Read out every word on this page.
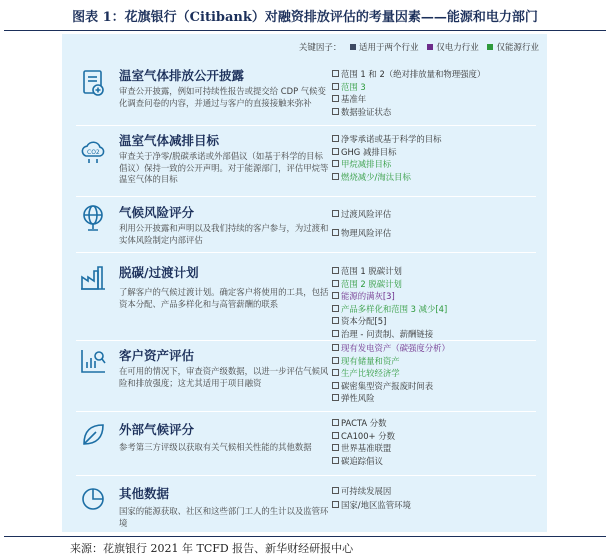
图表 1：花旗银行（Citibank）对融资排放评估的考量因素——能源和电力部门
关键因子： 适用于两个行业 仅电力行业 仅能源行业
温室气体排放公开披露
审查公开披露，例如可持续性报告或提交给 CDP 气候变化调查问卷的内容，并通过与客户的直接接触来弥补
范围 1 和 2（绝对排放量和物理强度）
范围 3
基准年
数据验证状态
CO2
温室气体减排目标
审查关于净零/脱碳承诺或外部倡议（如基于科学的目标倡议）保持一致的公开声明。对于能源部门，评估甲烷等温室气体的目标
净零承诺或基于科学的目标
GHG 减排目标
甲烷减排目标
燃烧减少/淘汰目标
气候风险评分
利用公开披露和声明以及我们持续的客户参与，为过渡和实体风险制定内部评估
过渡风险评估
物理风险评估
脱碳/过渡计划
了解客户的气候过渡计划。确定客户将使用的工具，包括资本分配、产品多样化和与高管薪酬的联系
范围 1 脱碳计划
范围 2 脱碳计划
能源的满灰[3]
产品多样化和范围 3 减少[4]
资本分配[5]
治理 - 问责制、薪酬链接
客户资产评估
在可用的情况下，审查资产级数据，以进一步评估气候风险和排放强度；这尤其适用于项目融资
现有发电资产（碳强度分析）
现有储量和资产
生产比较经济学
碳密集型资产报废时间表
弹性风险
外部气候评分
参考第三方评级以获取有关气候相关性能的其他数据
PACTA 分数
CA100+ 分数
世界基准联盟
碳追踪倡议
其他数据
国家的能源获取、社区和这些部门工人的生计以及监管环境
可持续发展因
国家/地区监管环境
来源：花旗银行 2021 年 TCFD 报告、新华财经研报中心
